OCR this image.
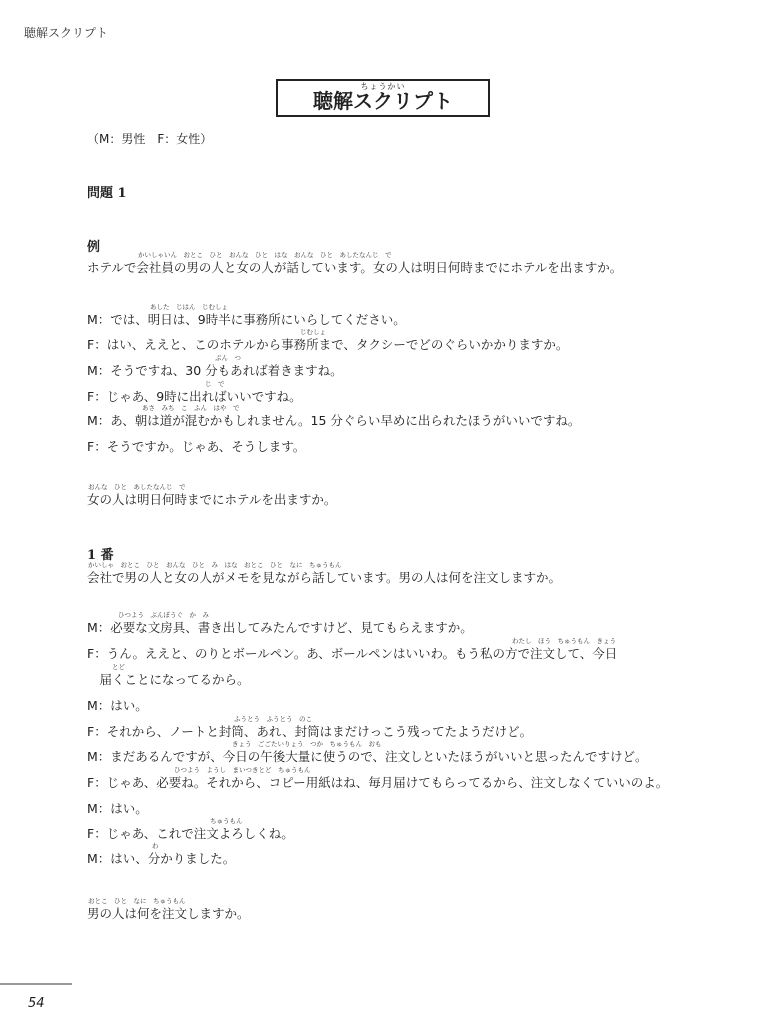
聴解スクリプト
ちょうかい
聴解スクリプト
（M：男性　F：女性）
問題 1
例	かいしゃいん　おとこ　ひと　おんな　ひと　はな　おんな　ひと　あしたなんじ　で
ホテルで会社員の男の人と女の人が話しています。女の人は明日何時までにホテルを出ますか。
あした　じはん　じむしょ
M：では、明日は、9時半に事務所にいらしてください。
じむしょ
F：はい、ええと、このホテルから事務所まで、タクシーでどのぐらいかかりますか。
ぷん　つ
M：そうですね、30 分もあれば着きますね。
じ　で
F：じゃあ、9時に出ればいいですね。
あさ　みち　こ　ふん　はや　で
M：あ、朝は道が混むかもしれません。15 分ぐらい早めに出られたほうがいいですね。
F：そうですか。じゃあ、そうします。
おんな　ひと　あしたなんじ　で
女の人は明日何時までにホテルを出ますか。
1 番
かいしゃ　おとこ　ひと　おんな　ひと　み　はな　おとこ　ひと　なに　ちゅうもん
会社で男の人と女の人がメモを見ながら話しています。男の人は何を注文しますか。
ひつよう　ぶんぼうぐ　か　み
M：必要な文房具、書き出してみたんですけど、見てもらえますか。
わたし　ほう　ちゅうもん　きょう
F：うん。ええと、のりとボールペン。あ、ボールペンはいいわ。もう私の方で注文して、今日
とど
　届くことになってるから。
M：はい。
ふうとう　ふうとう　のこ
F：それから、ノートと封筒、あれ、封筒はまだけっこう残ってたようだけど。
きょう　ごごたいりょう　つか　ちゅうもん　おも
M：まだあるんですが、今日の午後大量に使うので、注文しといたほうがいいと思ったんですけど。
ひつよう　ようし　まいつきとど　ちゅうもん
F：じゃあ、必要ね。それから、コピー用紙はね、毎月届けてもらってるから、注文しなくていいのよ。
M：はい。
ちゅうもん
F：じゃあ、これで注文よろしくね。
わ
M：はい、分かりました。
おとこ　ひと　なに　ちゅうもん
男の人は何を注文しますか。
54
